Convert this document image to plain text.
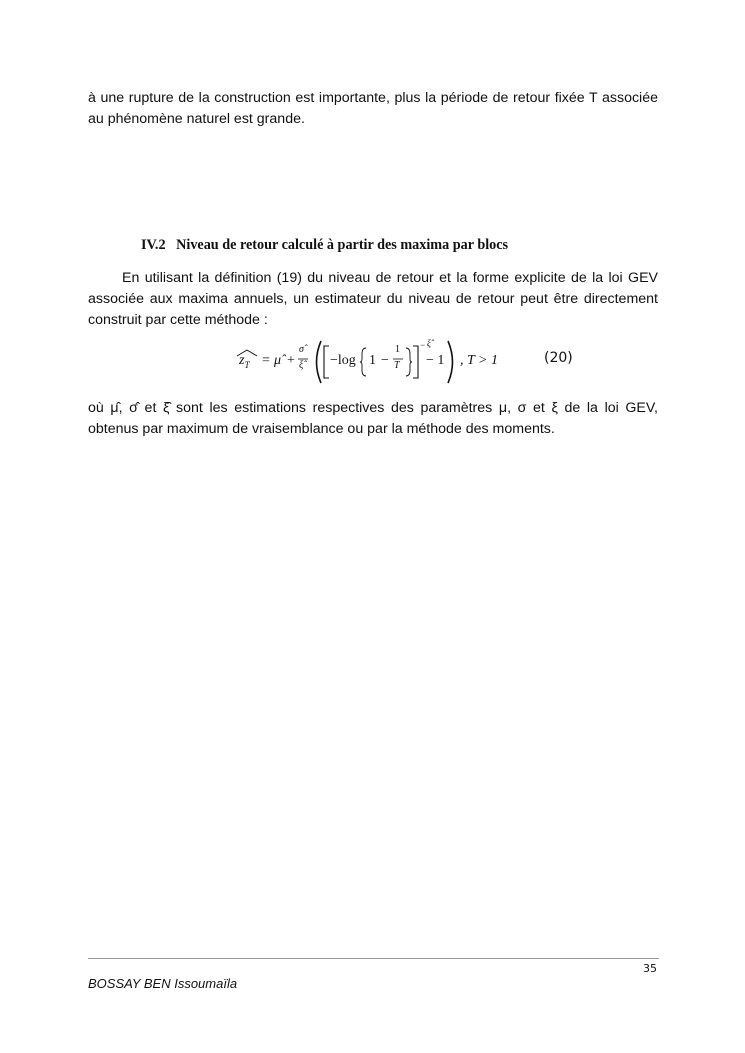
à une rupture de la construction est importante, plus la période de retour fixée T associée au phénomène naturel est grande.

IV.2 Niveau de retour calculé à partir des maxima par blocs

En utilisant la définition (19) du niveau de retour et la forme explicite de la loi GEV associée aux maxima annuels, un estimateur du niveau de retour peut être directement construit par cette méthode :

$z_T$ = μ̂ +
σ̂
ξ̂ −log 1 −
1
T
− ξ̂
− 1 , T > 1	(20)

où μ̂, σ̂ et ξ̂ sont les estimations respectives des paramètres μ, σ et ξ de la loi GEV, obtenus par maximum de vraisemblance ou par la méthode des moments.

35
BOSSAY BEN Issoumaïla
